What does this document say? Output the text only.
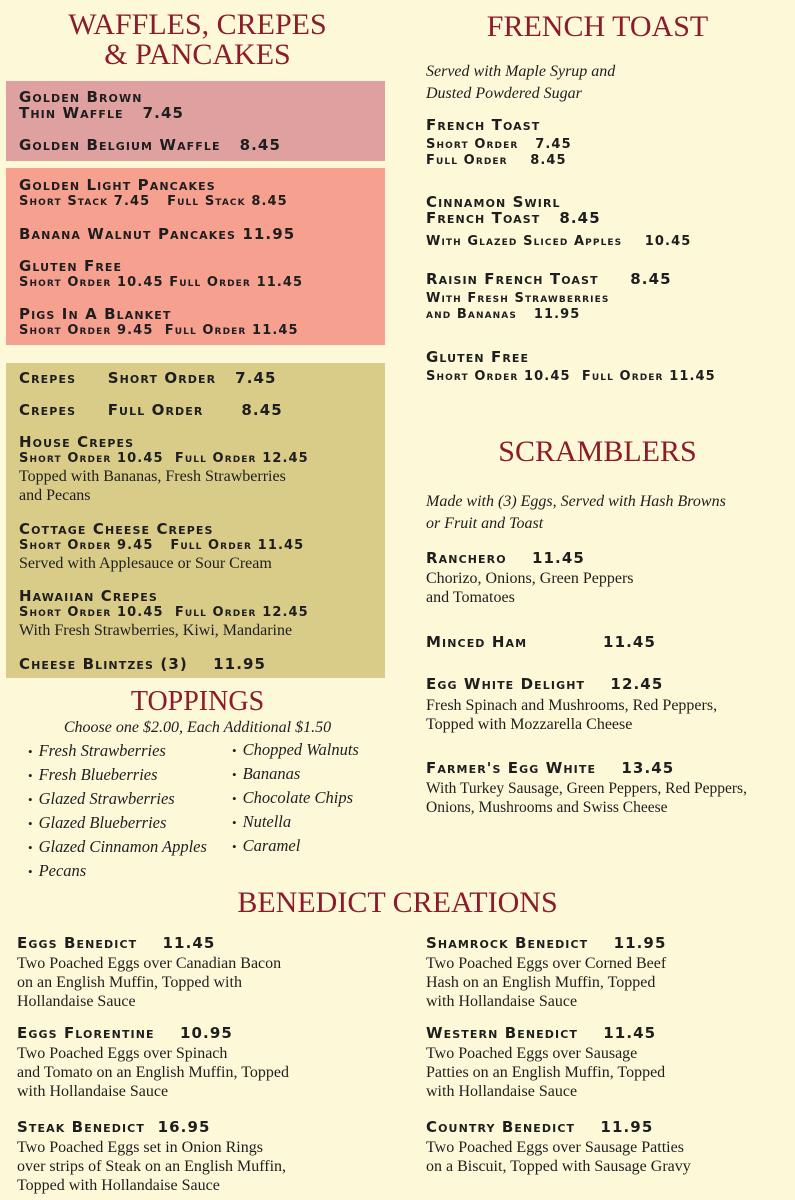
WAFFLES, CREPES
& PANCAKES
Golden Brown
Thin Waffle   7.45
Golden Belgium Waffle   8.45
Golden Light Pancakes
Short Stack 7.45   Full Stack 8.45
Banana Walnut Pancakes 11.95
Gluten Free
Short Order 10.45 Full Order 11.45
Pigs In A Blanket
Short Order 9.45  Full Order 11.45
Crepes     Short Order   7.45
Crepes     Full Order      8.45
House Crepes
Short Order 10.45  Full Order 12.45
Topped with Bananas, Fresh Strawberries
and Pecans
Cottage Cheese Crepes
Short Order 9.45   Full Order 11.45
Served with Applesauce or Sour Cream
Hawaiian Crepes
Short Order 10.45  Full Order 12.45
With Fresh Strawberries, Kiwi, Mandarine
Cheese Blintzes (3)    11.95
TOPPINGS
Choose one $2.00, Each Additional $1.50
• Fresh Strawberries
• Fresh Blueberries
• Glazed Strawberries
• Glazed Blueberries
• Glazed Cinnamon Apples
• Pecans
• Chopped Walnuts
• Bananas
• Chocolate Chips
• Nutella
• Caramel
FRENCH TOAST
Served with Maple Syrup and
Dusted Powdered Sugar
French Toast
Short Order   7.45
Full Order    8.45
Cinnamon Swirl
French Toast   8.45
With Glazed Sliced Apples    10.45
Raisin French Toast     8.45
With Fresh Strawberries
and Bananas   11.95
Gluten Free
Short Order 10.45  Full Order 11.45
SCRAMBLERS
Made with (3) Eggs, Served with Hash Browns
or Fruit and Toast
Ranchero    11.45
Chorizo, Onions, Green Peppers
and Tomatoes
Minced Ham            11.45
Egg White Delight    12.45
Fresh Spinach and Mushrooms, Red Peppers,
Topped with Mozzarella Cheese
Farmer's Egg White    13.45
With Turkey Sausage, Green Peppers, Red Peppers,
Onions, Mushrooms and Swiss Cheese
BENEDICT CREATIONS
Eggs Benedict    11.45
Two Poached Eggs over Canadian Bacon
on an English Muffin, Topped with
Hollandaise Sauce
Eggs Florentine    10.95
Two Poached Eggs over Spinach
and Tomato on an English Muffin, Topped
with Hollandaise Sauce
Steak Benedict  16.95
Two Poached Eggs set in Onion Rings
over strips of Steak on an English Muffin,
Topped with Hollandaise Sauce
Shamrock Benedict    11.95
Two Poached Eggs over Corned Beef
Hash on an English Muffin, Topped
with Hollandaise Sauce
Western Benedict    11.45
Two Poached Eggs over Sausage
Patties on an English Muffin, Topped
with Hollandaise Sauce
Country Benedict    11.95
Two Poached Eggs over Sausage Patties
on a Biscuit, Topped with Sausage Gravy
